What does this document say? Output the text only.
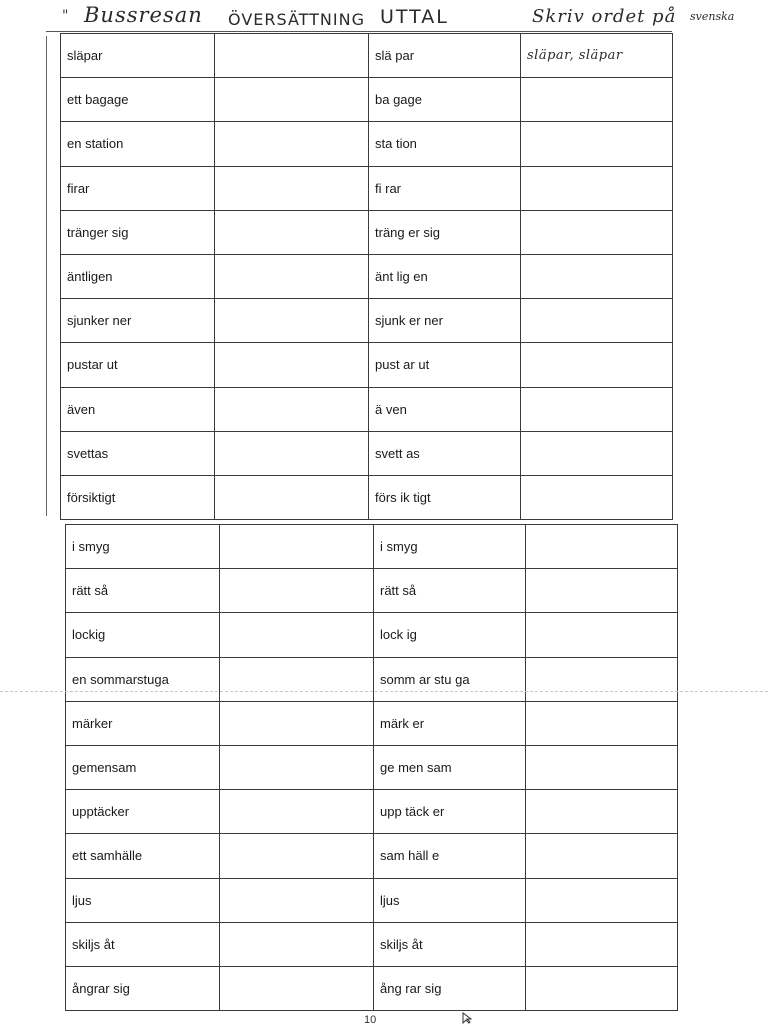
" Bussresan ÖVERSÄTTNING UTTAL	Skriv ordet på svenska
släpar		slä par	släpar, släpar
ett bagage		ba gage	
en station		sta tion	
firar		fi rar	
tränger sig		träng er sig	
äntligen		änt lig en	
sjunker ner		sjunk er ner	
pustar ut		pust ar ut	
även		ä ven	
svettas		svett as	
försiktigt		förs ik tigt	
i smyg		i smyg	
rätt så		rätt så	
lockig		lock ig	
en sommarstuga		somm ar stu ga	
märker		märk er	
gemensam		ge men sam	
upptäcker		upp täck er	
ett samhälle		sam häll e	
ljus		ljus	
skiljs åt		skiljs åt	
ångrar sig		ång rar sig	
10
